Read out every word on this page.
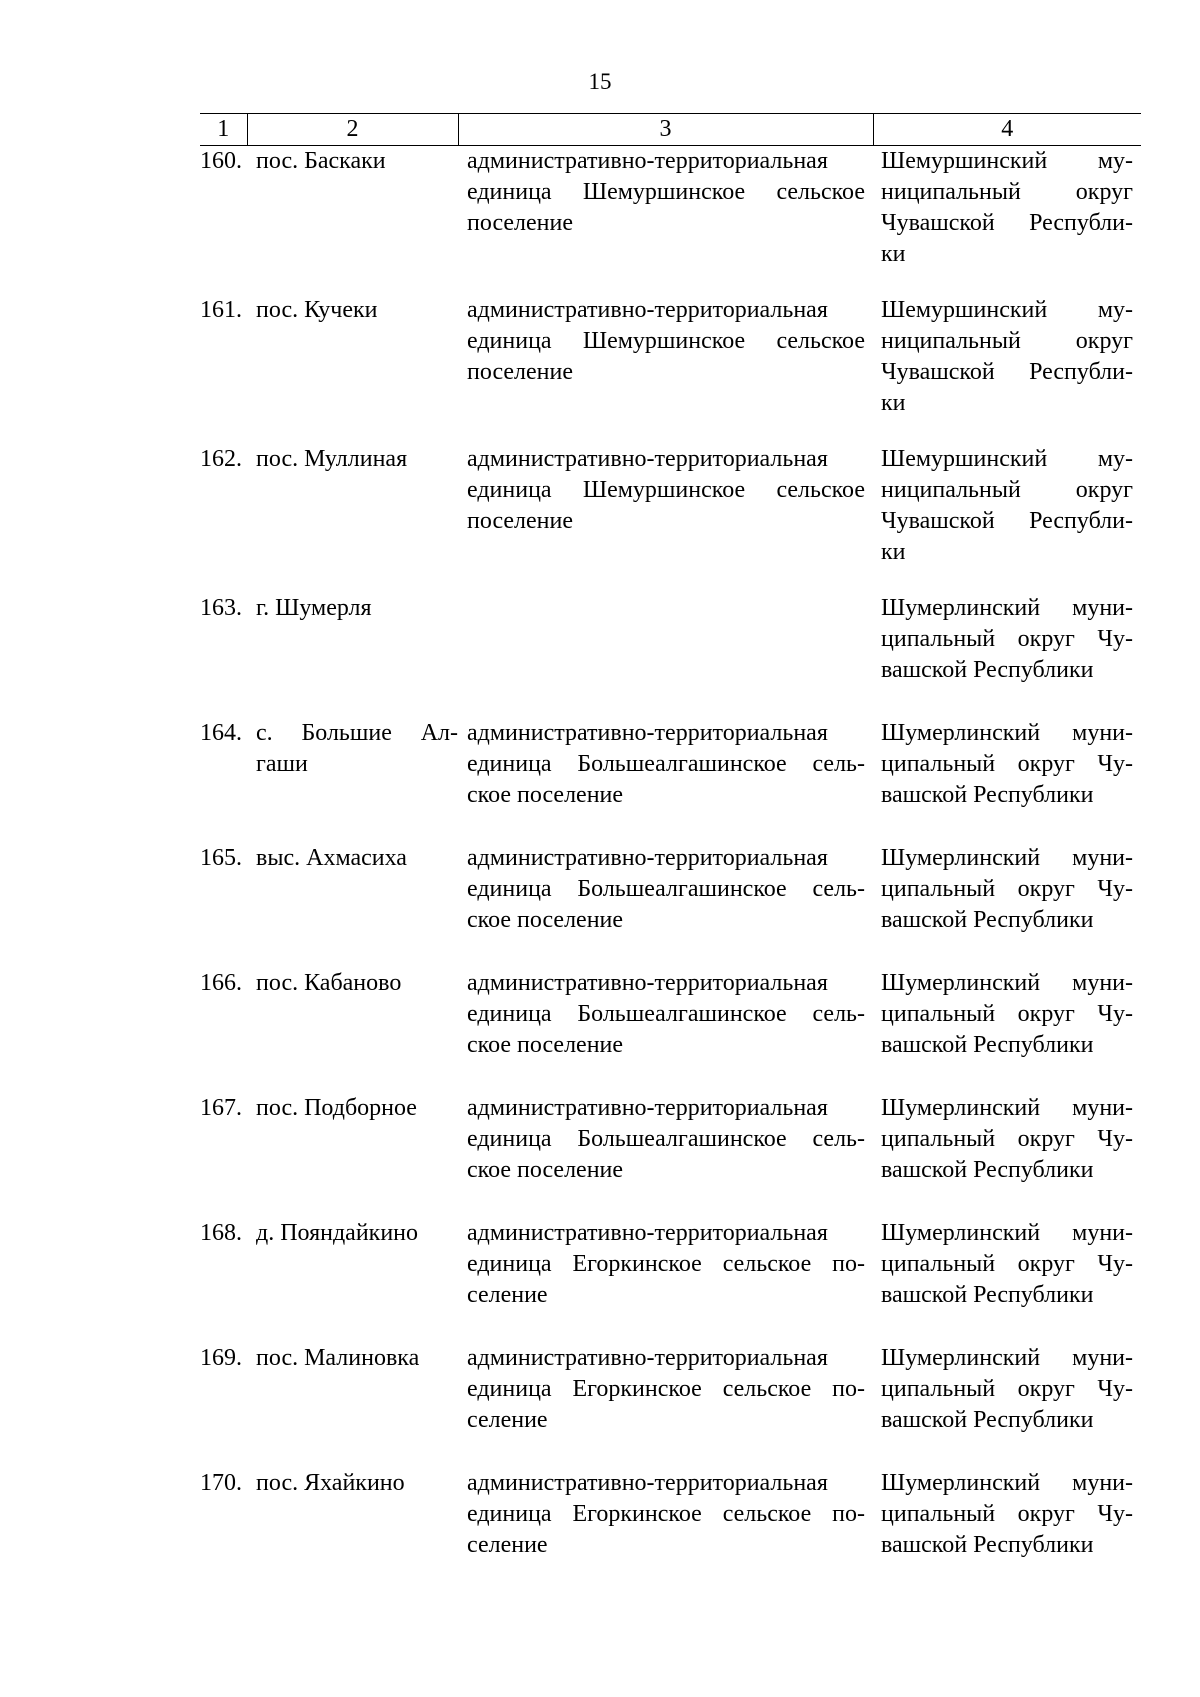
15
1	2	3	4
160.	пос. Баскаки	административно-территориальная
единица Шемуршинское сельское
поселение	Шемуршинский му-
ниципальный округ
Чувашской Республи-
ки

161.	пос. Кучеки	административно-территориальная
единица Шемуршинское сельское
поселение	Шемуршинский му-
ниципальный округ
Чувашской Республи-
ки

162.	пос. Муллиная	административно-территориальная
единица Шемуршинское сельское
поселение	Шемуршинский му-
ниципальный округ
Чувашской Республи-
ки

163.	г. Шумерля		Шумерлинский муни-
ципальный округ Чу-
вашской Республики

164.	с. Большие Ал-
гаши	административно-территориальная
единица Большеалгашинское сель-
ское поселение	Шумерлинский муни-
ципальный округ Чу-
вашской Республики

165.	выс. Ахмасиха	административно-территориальная
единица Большеалгашинское сель-
ское поселение	Шумерлинский муни-
ципальный округ Чу-
вашской Республики

166.	пос. Кабаново	административно-территориальная
единица Большеалгашинское сель-
ское поселение	Шумерлинский муни-
ципальный округ Чу-
вашской Республики

167.	пос. Подборное	административно-территориальная
единица Большеалгашинское сель-
ское поселение	Шумерлинский муни-
ципальный округ Чу-
вашской Республики

168.	д. Пояндайкино	административно-территориальная
единица Егоркинское сельское по-
селение	Шумерлинский муни-
ципальный округ Чу-
вашской Республики

169.	пос. Малиновка	административно-территориальная
единица Егоркинское сельское по-
селение	Шумерлинский муни-
ципальный округ Чу-
вашской Республики

170.	пос. Яхайкино	административно-территориальная
единица Егоркинское сельское по-
селение	Шумерлинский муни-
ципальный округ Чу-
вашской Республики
